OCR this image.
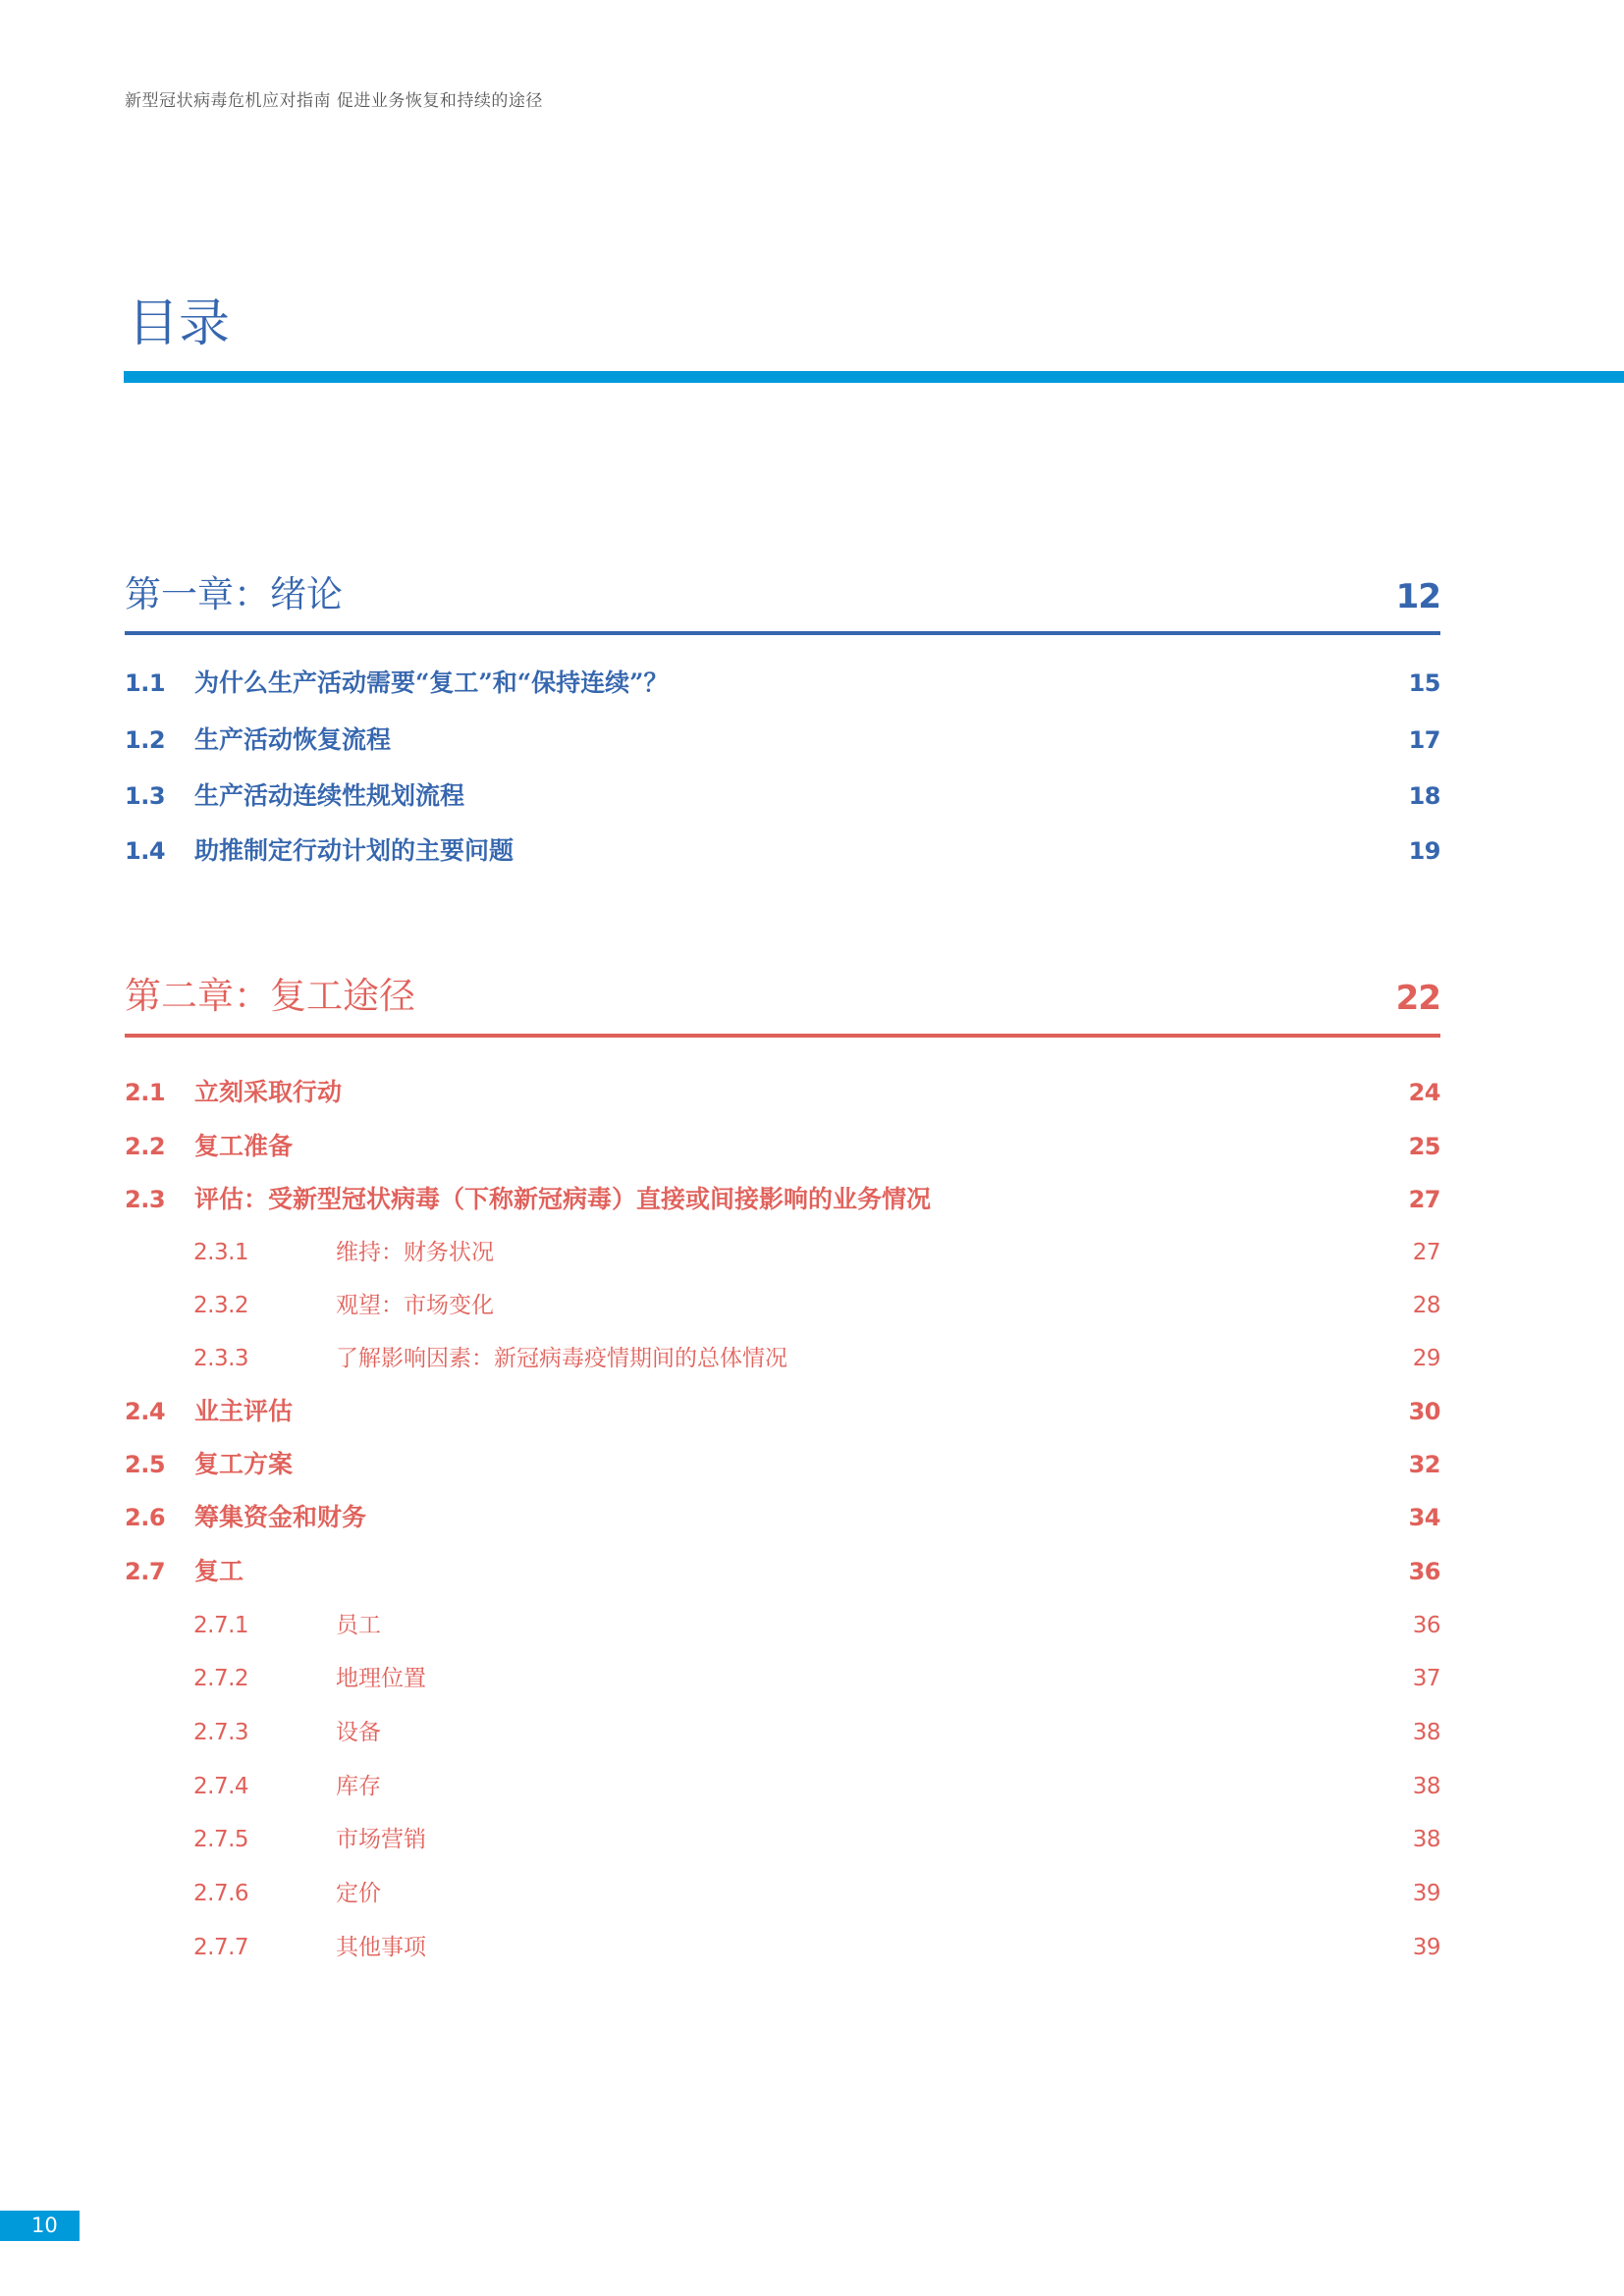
新型冠状病毒危机应对指南 促进业务恢复和持续的途径
目录
第一章：绪论	12
1.1 为什么生产活动需要“复工”和“保持连续”？	15
1.2 生产活动恢复流程	17
1.3 生产活动连续性规划流程	18
1.4 助推制定行动计划的主要问题	19
第二章：复工途径	22
2.1 立刻采取行动	24
2.2 复工准备	25
2.3 评估：受新型冠状病毒（下称新冠病毒）直接或间接影响的业务情况	27
2.3.1	维持：财务状况	27
2.3.2	观望：市场变化	28
2.3.3	了解影响因素：新冠病毒疫情期间的总体情况	29
2.4 业主评估	30
2.5 复工方案	32
2.6 筹集资金和财务	34
2.7 复工	36
2.7.1	员工	36
2.7.2	地理位置	37
2.7.3	设备	38
2.7.4	库存	38
2.7.5	市场营销	38
2.7.6	定价	39
2.7.7	其他事项	39
10
